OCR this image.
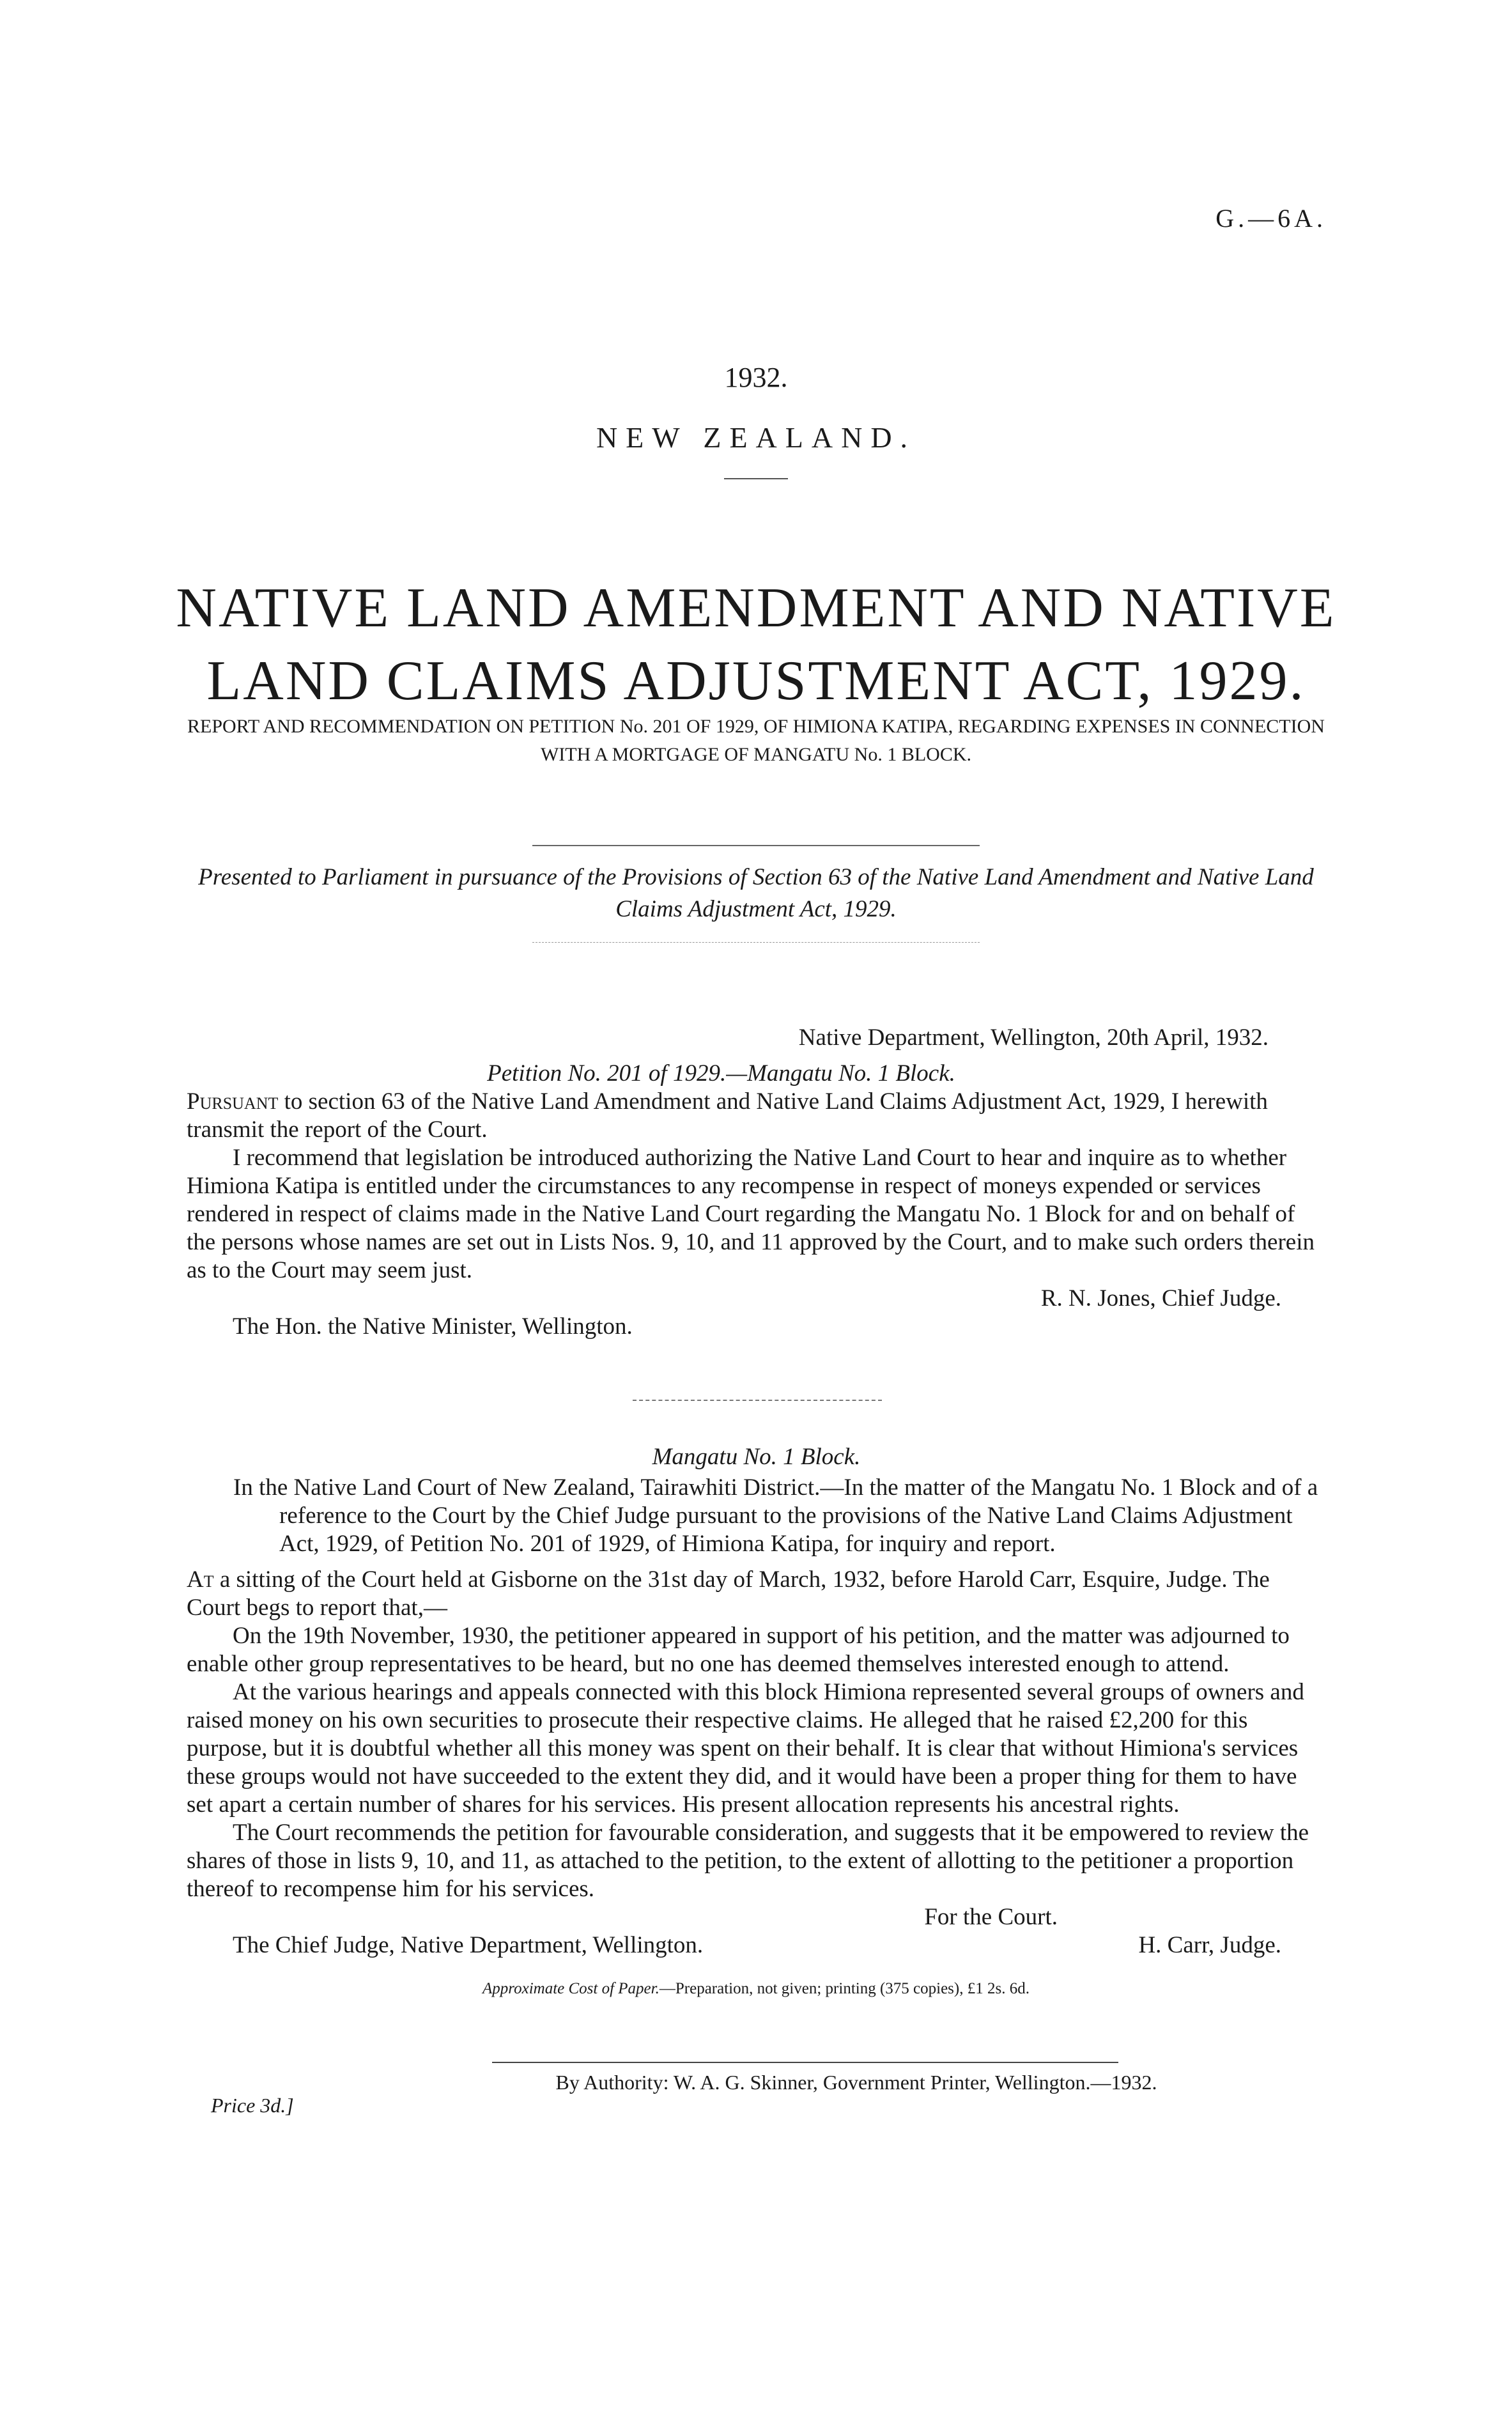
G.—6A.
1932.
NEW ZEALAND.
NATIVE LAND AMENDMENT AND NATIVE LAND CLAIMS ADJUSTMENT ACT, 1929.
REPORT AND RECOMMENDATION ON PETITION No. 201 OF 1929, OF HIMIONA KATIPA, REGARDING EXPENSES IN CONNECTION WITH A MORTGAGE OF MANGATU No. 1 BLOCK.
Presented to Parliament in pursuance of the Provisions of Section 63 of the Native Land Amendment and Native Land Claims Adjustment Act, 1929.

Native Department, Wellington, 20th April, 1932.

Petition No. 201 of 1929.—Mangatu No. 1 Block.

Pursuant to section 63 of the Native Land Amendment and Native Land Claims Adjustment Act, 1929, I herewith transmit the report of the Court.

I recommend that legislation be introduced authorizing the Native Land Court to hear and inquire as to whether Himiona Katipa is entitled under the circumstances to any recompense in respect of moneys expended or services rendered in respect of claims made in the Native Land Court regarding the Mangatu No. 1 Block for and on behalf of the persons whose names are set out in Lists Nos. 9, 10, and 11 approved by the Court, and to make such orders therein as to the Court may seem just.

R. N. Jones, Chief Judge.

The Hon. the Native Minister, Wellington.

Mangatu No. 1 Block.

In the Native Land Court of New Zealand, Tairawhiti District.—In the matter of the Mangatu No. 1 Block and of a reference to the Court by the Chief Judge pursuant to the provisions of the Native Land Claims Adjustment Act, 1929, of Petition No. 201 of 1929, of Himiona Katipa, for inquiry and report.

At a sitting of the Court held at Gisborne on the 31st day of March, 1932, before Harold Carr, Esquire, Judge. The Court begs to report that,—

On the 19th November, 1930, the petitioner appeared in support of his petition, and the matter was adjourned to enable other group representatives to be heard, but no one has deemed themselves interested enough to attend.

At the various hearings and appeals connected with this block Himiona represented several groups of owners and raised money on his own securities to prosecute their respective claims. He alleged that he raised £2,200 for this purpose, but it is doubtful whether all this money was spent on their behalf. It is clear that without Himiona's services these groups would not have succeeded to the extent they did, and it would have been a proper thing for them to have set apart a certain number of shares for his services. His present allocation represents his ancestral rights.

The Court recommends the petition for favourable consideration, and suggests that it be empowered to review the shares of those in lists 9, 10, and 11, as attached to the petition, to the extent of allotting to the petitioner a proportion thereof to recompense him for his services.

For the Court.

The Chief Judge, Native Department, Wellington.	H. Carr, Judge.
Approximate Cost of Paper.—Preparation, not given; printing (375 copies), £1 2s. 6d.
By Authority: W. A. G. Skinner, Government Printer, Wellington.—1932.
Price 3d.]
